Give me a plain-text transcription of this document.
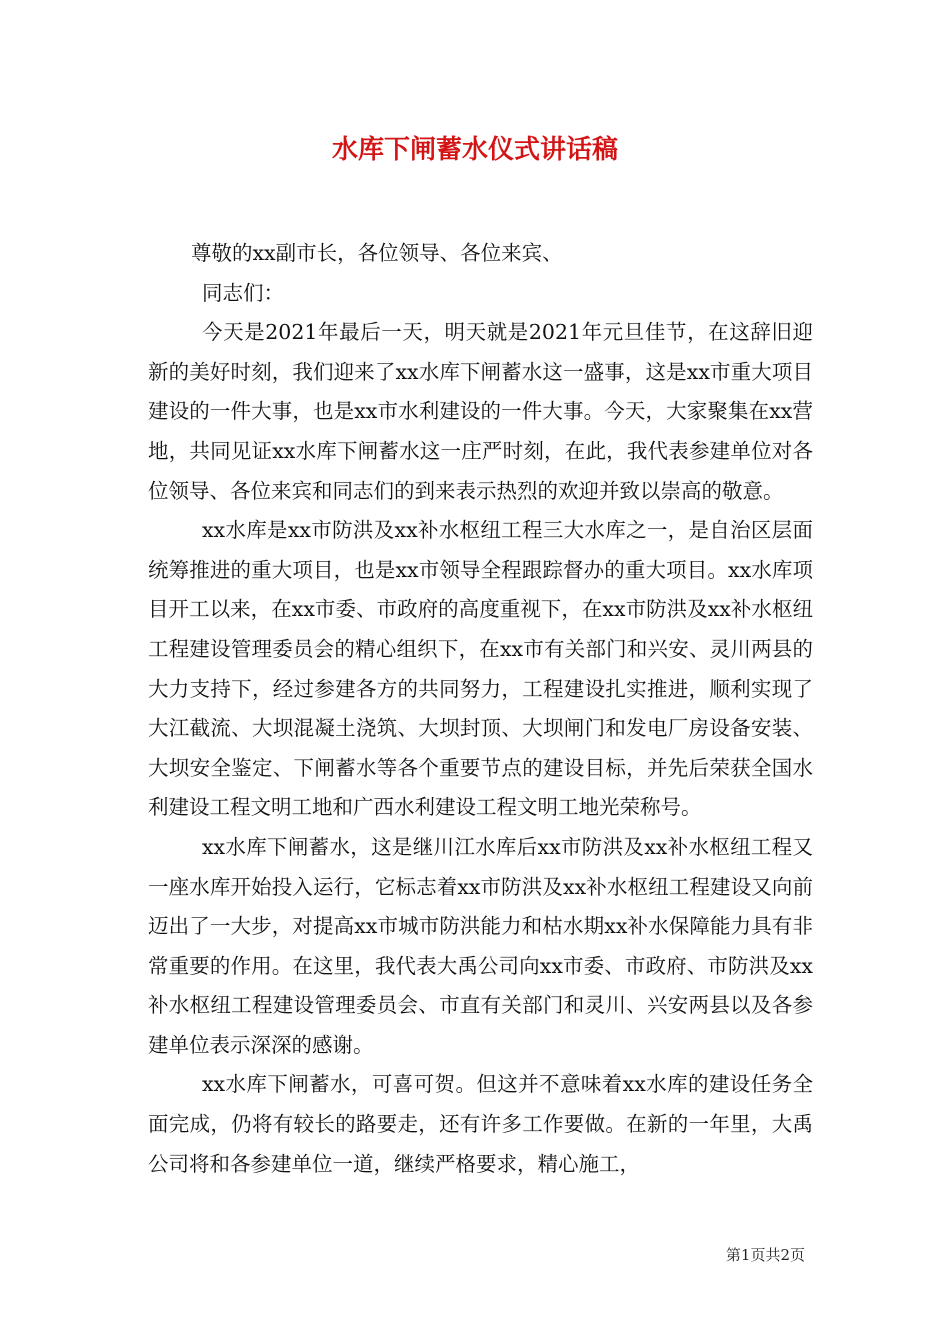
水库下闸蓄水仪式讲话稿

尊敬的xx副市长，各位领导、各位来宾、

同志们：

今天是2021年最后一天，明天就是2021年元旦佳节，在这辞旧迎新的美好时刻，我们迎来了xx水库下闸蓄水这一盛事，这是xx市重大项目建设的一件大事，也是xx市水利建设的一件大事。今天，大家聚集在xx营地，共同见证xx水库下闸蓄水这一庄严时刻，在此，我代表参建单位对各位领导、各位来宾和同志们的到来表示热烈的欢迎并致以崇高的敬意。

xx水库是xx市防洪及xx补水枢纽工程三大水库之一，是自治区层面统筹推进的重大项目，也是xx市领导全程跟踪督办的重大项目。xx水库项目开工以来，在xx市委、市政府的高度重视下，在xx市防洪及xx补水枢纽工程建设管理委员会的精心组织下，在xx市有关部门和兴安、灵川两县的大力支持下，经过参建各方的共同努力，工程建设扎实推进，顺利实现了大江截流、大坝混凝土浇筑、大坝封顶、大坝闸门和发电厂房设备安装、大坝安全鉴定、下闸蓄水等各个重要节点的建设目标，并先后荣获全国水利建设工程文明工地和广西水利建设工程文明工地光荣称号。

xx水库下闸蓄水，这是继川江水库后xx市防洪及xx补水枢纽工程又一座水库开始投入运行，它标志着xx市防洪及xx补水枢纽工程建设又向前迈出了一大步，对提高xx市城市防洪能力和枯水期xx补水保障能力具有非常重要的作用。在这里，我代表大禹公司向xx市委、市政府、市防洪及xx补水枢纽工程建设管理委员会、市直有关部门和灵川、兴安两县以及各参建单位表示深深的感谢。

xx水库下闸蓄水，可喜可贺。但这并不意味着xx水库的建设任务全面完成，仍将有较长的路要走，还有许多工作要做。在新的一年里，大禹公司将和各参建单位一道，继续严格要求，精心施工，

第1页共2页
